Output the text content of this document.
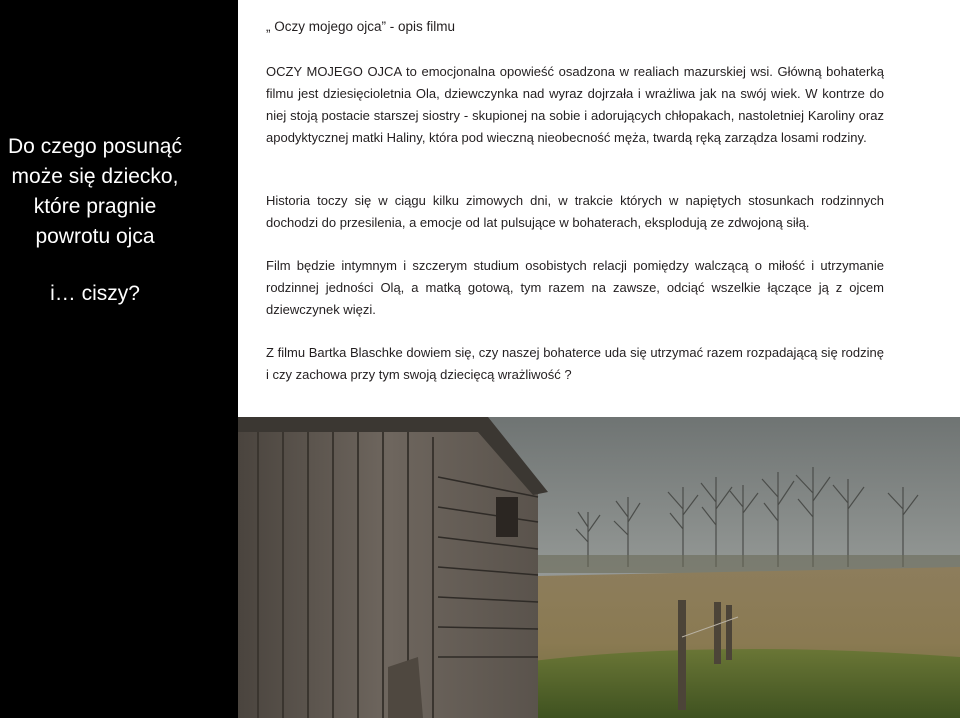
Do czego posunąć
może się dziecko,
które pragnie
powrotu ojca

i… ciszy?

„ Oczy mojego ojca” - opis filmu

OCZY MOJEGO OJCA to emocjonalna opowieść osadzona w realiach mazurskiej wsi. Główną bohaterką filmu jest dziesięcioletnia Ola, dziewczynka nad wyraz dojrzała i wrażliwa jak na swój wiek. W kontrze do niej stoją postacie starszej siostry - skupionej na sobie i adorujących chłopakach, nastoletniej Karoliny oraz apodyktycznej matki Haliny, która pod wieczną nieobecność męża, twardą ręką zarządza losami rodziny.

Historia toczy się w ciągu kilku zimowych dni, w trakcie których w napiętych stosunkach rodzinnych dochodzi do przesilenia, a emocje od lat pulsujące w bohaterach, eksplodują ze zdwojoną siłą.

Film będzie intymnym i szczerym studium osobistych relacji pomiędzy walczącą o miłość i utrzymanie rodzinnej jedności Olą, a matką gotową, tym razem na zawsze, odciąć wszelkie łączące ją z ojcem dziewczynek więzi.

Z filmu Bartka Blaschke dowiem się, czy naszej bohaterce uda się utrzymać razem rozpadającą się rodzinę i czy zachowa przy tym swoją dziecięcą wrażliwość ?
